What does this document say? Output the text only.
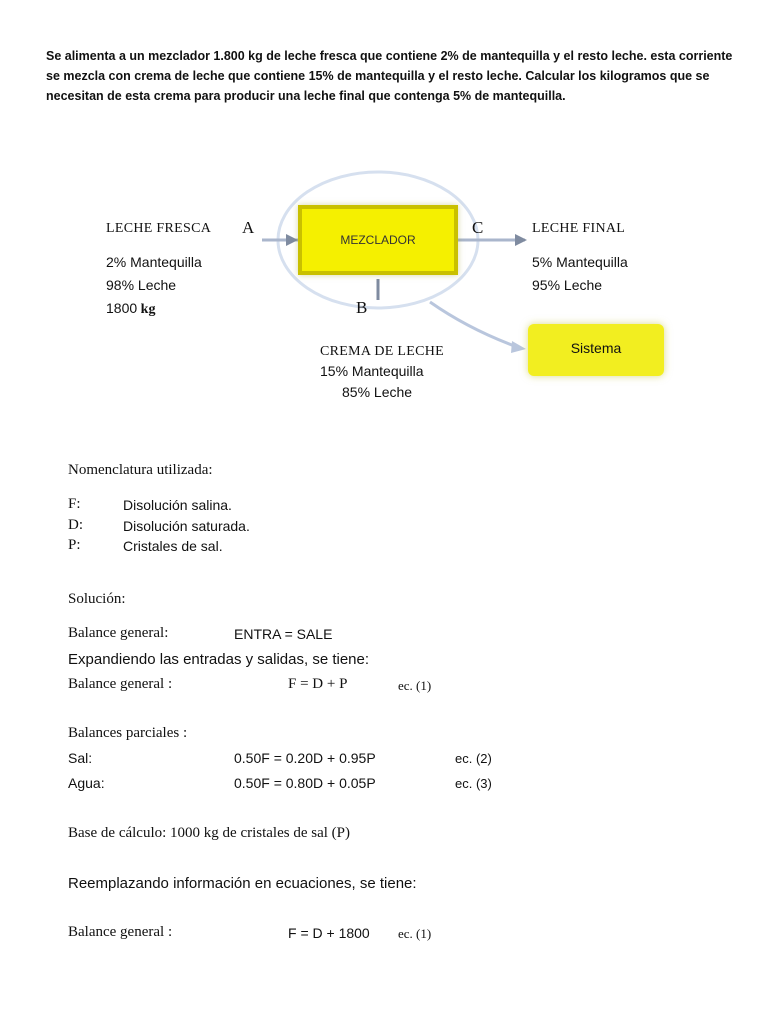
Se alimenta a un mezclador 1.800 kg de leche fresca que contiene 2% de mantequilla y el resto leche. esta corriente se mezcla con crema de leche que contiene 15% de mantequilla y el resto leche. Calcular los kilogramos que se necesitan de esta crema para producir una leche final que contenga 5% de mantequilla.
MEZCLADOR
Sistema
LECHE FRESCA A
2% Mantequilla
98% Leche
1800 kg
C	LECHE FINAL
5% Mantequilla
95% Leche
B
CREMA DE LECHE
15% Mantequilla
85% Leche
Nomenclatura utilizada:
F:	Disolución salina.
D:	Disolución saturada.
P:	Cristales de sal.
Solución:
Balance general:	ENTRA = SALE
Expandiendo las entradas y salidas, se tiene:
Balance general :	F = D + P	ec. (1)
Balances parciales :
Sal:	0.50F = 0.20D + 0.95P	ec. (2)
Agua:	0.50F = 0.80D + 0.05P	ec. (3)
Base de cálculo: 1000 kg de cristales de sal (P)
Reemplazando información en ecuaciones, se tiene:
Balance general :	F = D + 1800 ec. (1)
